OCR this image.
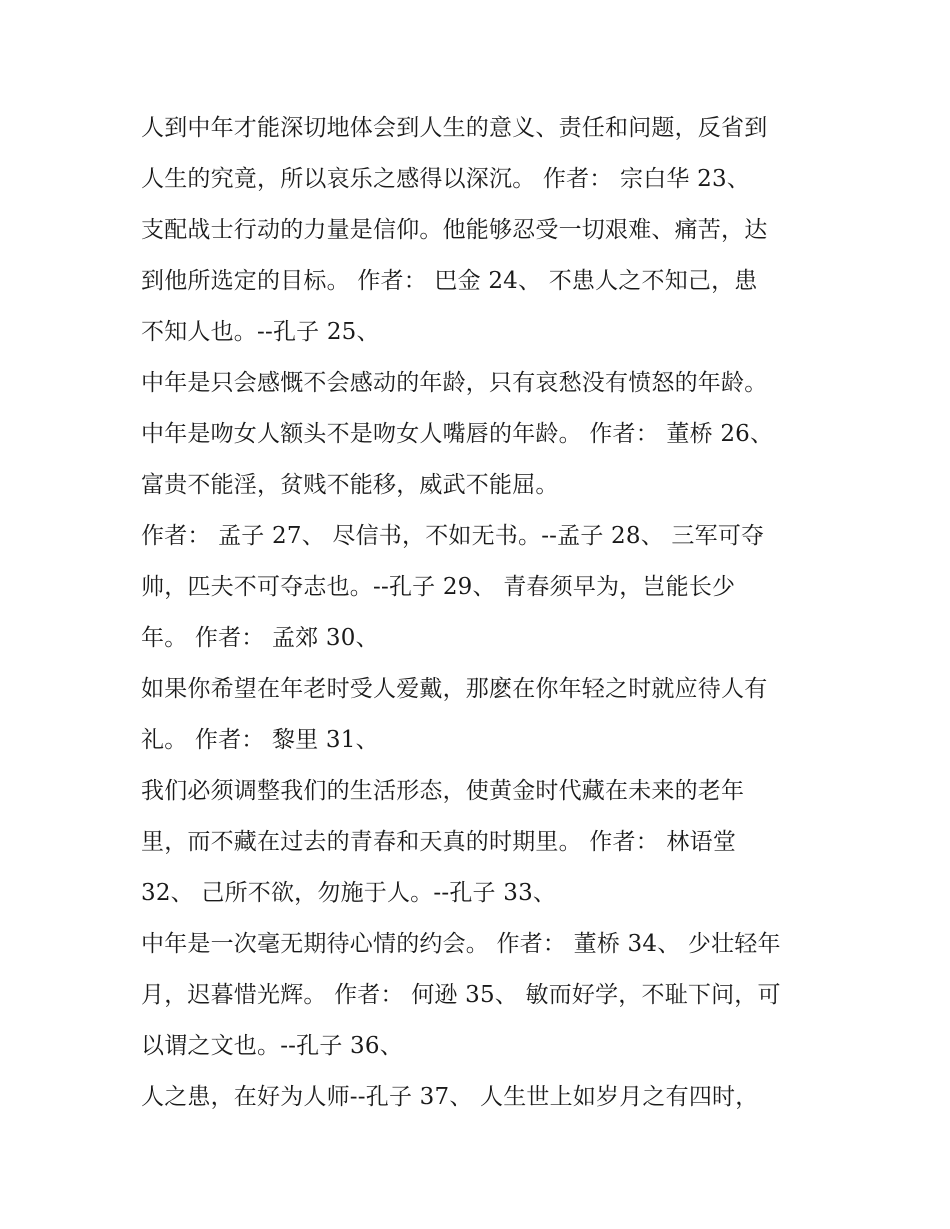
人到中年才能深切地体会到人生的意义、责任和问题，反省到
人生的究竟，所以哀乐之感得以深沉。 作者： 宗白华 23、
支配战士行动的力量是信仰。他能够忍受一切艰难、痛苦，达
到他所选定的目标。 作者： 巴金 24、 不患人之不知己，患
不知人也。--孔子 25、
中年是只会感慨不会感动的年龄，只有哀愁没有愤怒的年龄。
中年是吻女人额头不是吻女人嘴唇的年龄。 作者： 董桥 26、
富贵不能淫，贫贱不能移，威武不能屈。
作者： 孟子 27、 尽信书，不如无书。--孟子 28、 三军可夺
帅，匹夫不可夺志也。--孔子 29、 青春须早为，岂能长少
年。 作者： 孟郊 30、
如果你希望在年老时受人爱戴，那麽在你年轻之时就应待人有
礼。 作者： 黎里 31、
我们必须调整我们的生活形态，使黄金时代藏在未来的老年
里，而不藏在过去的青春和天真的时期里。 作者： 林语堂
32、 己所不欲，勿施于人。--孔子 33、
中年是一次毫无期待心情的约会。 作者： 董桥 34、 少壮轻年
月，迟暮惜光辉。 作者： 何逊 35、 敏而好学，不耻下问，可
以谓之文也。--孔子 36、
人之患，在好为人师--孔子 37、 人生世上如岁月之有四时，
